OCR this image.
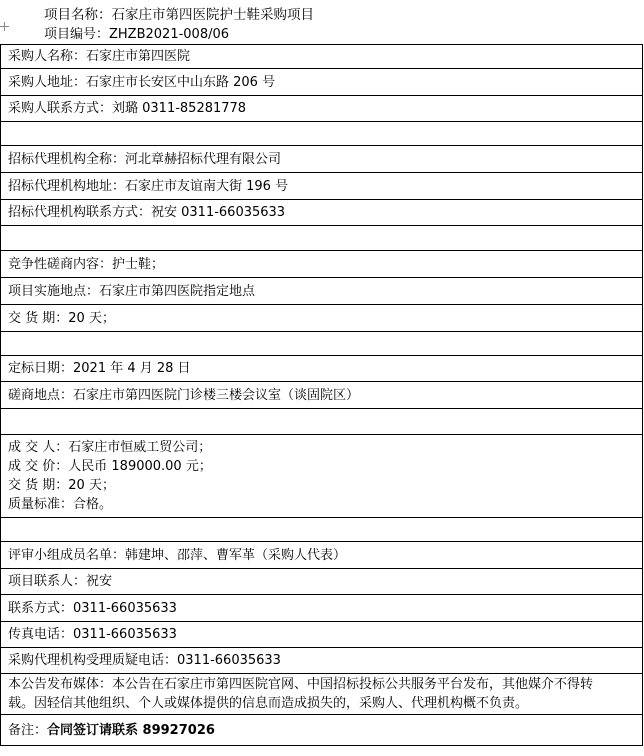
项目名称：石家庄市第四医院护士鞋采购项目
项目编号：ZHZB2021-008/06
采购人名称：石家庄市第四医院

采购人地址：石家庄市长安区中山东路 206 号

采购人联系方式：刘璐 0311-85281778

招标代理机构全称：河北章赫招标代理有限公司

招标代理机构地址：石家庄市友谊南大街 196 号

招标代理机构联系方式：祝安 0311-66035633

竞争性磋商内容：护士鞋；

项目实施地点：石家庄市第四医院指定地点

交 货 期：20 天；

定标日期：2021 年 4 月 28 日

磋商地点：石家庄市第四医院门诊楼三楼会议室（谈固院区）

成 交 人：石家庄市恒威工贸公司；
成 交 价：人民币 189000.00 元；
交 货 期：20 天；
质量标准：合格。

评审小组成员名单：韩建坤、邵萍、曹军革（采购人代表）

项目联系人：祝安

联系方式：0311-66035633

传真电话：0311-66035633

采购代理机构受理质疑电话：0311-66035633

本公告发布媒体：本公告在石家庄市第四医院官网、中国招标投标公共服务平台发布，其他媒介不得转
载。因轻信其他组织、个人或媒体提供的信息而造成损失的，采购人、代理机构概不负责。

备注：合同签订请联系 89927026
